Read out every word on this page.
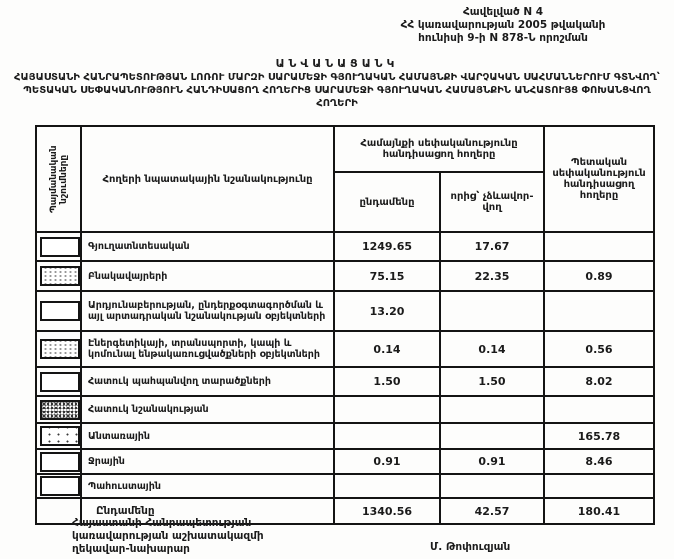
Հավելված N 4
ՀՀ կառավարության 2005 թվականի
հունիսի 9-ի N 878-Ն որոշման
ԱՆՎԱՆԱՑԱՆԿ
ՀԱՅԱՍՏԱՆԻ ՀԱՆՐԱՊԵՏՈՒԹՅԱՆ ԼՈՌՈՒ ՄԱՐԶԻ ՍԱՐԱՄԵՋԻ ԳՅՈՒՂԱԿԱՆ ՀԱՄԱՅՆՔԻ ՎԱՐՉԱԿԱՆ ՍԱՀՄԱՆՆԵՐՈՒՄ ԳՏՆՎՈՂ՝ ՊԵՏԱԿԱՆ ՍԵՓԱԿԱՆՈՒԹՅՈՒՆ ՀԱՆԴԻՍԱՑՈՂ ՀՈՂԵՐԻՑ ՍԱՐԱՄԵՋԻ ԳՅՈՒՂԱԿԱՆ ՀԱՄԱՅՆՔԻՆ ԱՆՀԱՏՈՒՅՑ ՓՈԽԱՆՑՎՈՂ ՀՈՂԵՐԻ
Պայմանական նշումները	Հողերի նպատակային նշանակությունը	Համայնքի սեփականությունը հանդիսացող հողերը		Պետական սեփականություն հանդիսացող հողերը
		ընդամենը	որից՝ չձևավոր-վող	
	Գյուղատնտեսական	1249.65	17.67	
	Բնակավայրերի	75.15	22.35	0.89
	Արդյունաբերության, ընդերքօգտագործման և այլ արտադրական նշանակության օբյեկտների	13.20		
	Էներգետիկայի, տրանսպորտի, կապի և կոմունալ ենթակառուցվածքների օբյեկտների	0.14	0.14	0.56
	Հատուկ պահպանվող տարածքների	1.50	1.50	8.02
	Հատուկ նշանակության			
	Անտառային			165.78
	Ջրային	0.91	0.91	8.46
	Պահուստային			
	Ընդամենը	1340.56	42.57	180.41
Հայաստանի Հանրապետության
կառավարության աշխատակազմի
ղեկավար-նախարար	Մ. Թոփուզյան
